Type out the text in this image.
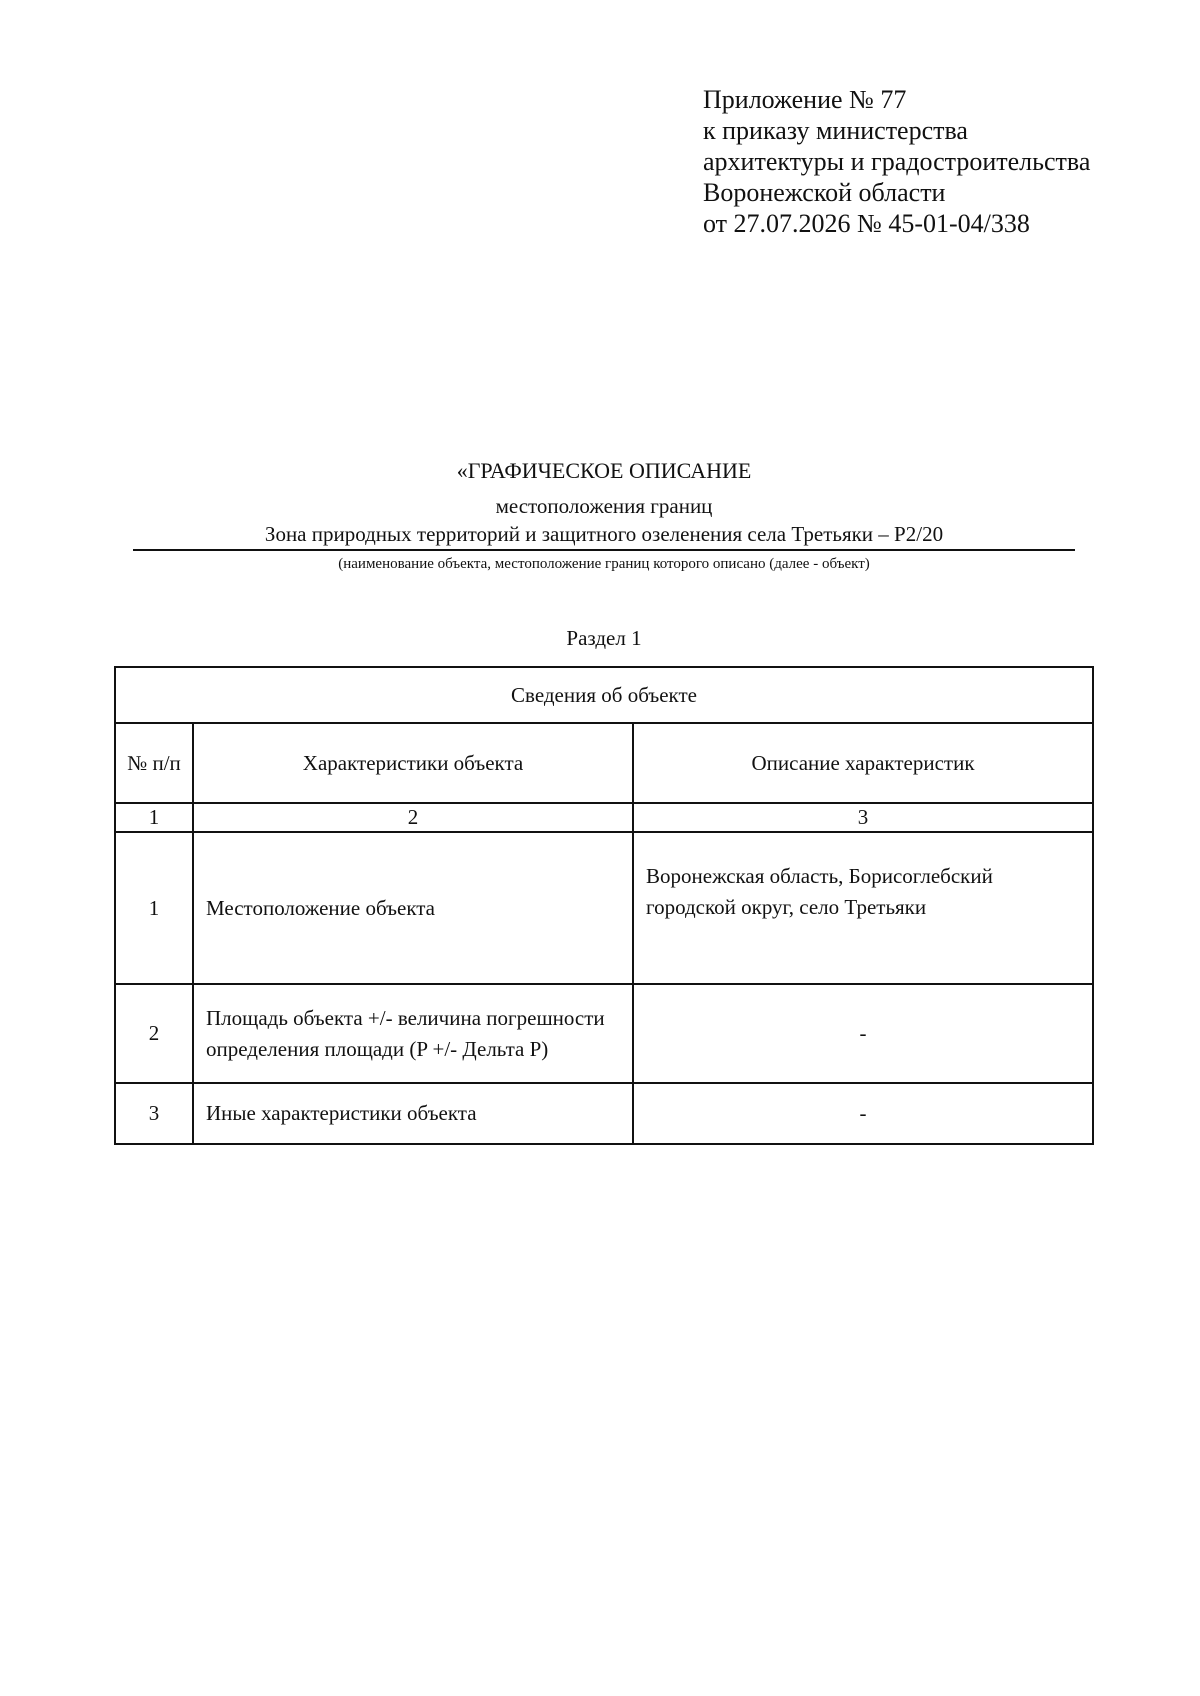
Приложение № 77
к приказу министерства
архитектуры и градостроительства
Воронежской области
от 27.07.2026 № 45-01-04/338
«ГРАФИЧЕСКОЕ ОПИСАНИЕ
местоположения границ
Зона природных территорий и защитного озеленения села Третьяки – Р2/20
(наименование объекта, местоположение границ которого описано (далее - объект)
Раздел 1
Сведения об объекте		
№ п/п	Характеристики объекта	Описание характеристик
1	2	3
1	Местоположение объекта	Воронежская область, Борисоглебский городской округ, село Третьяки
2	Площадь объекта +/- величина погрешности определения площади (P +/- Дельта P)	-
3	Иные характеристики объекта	-
